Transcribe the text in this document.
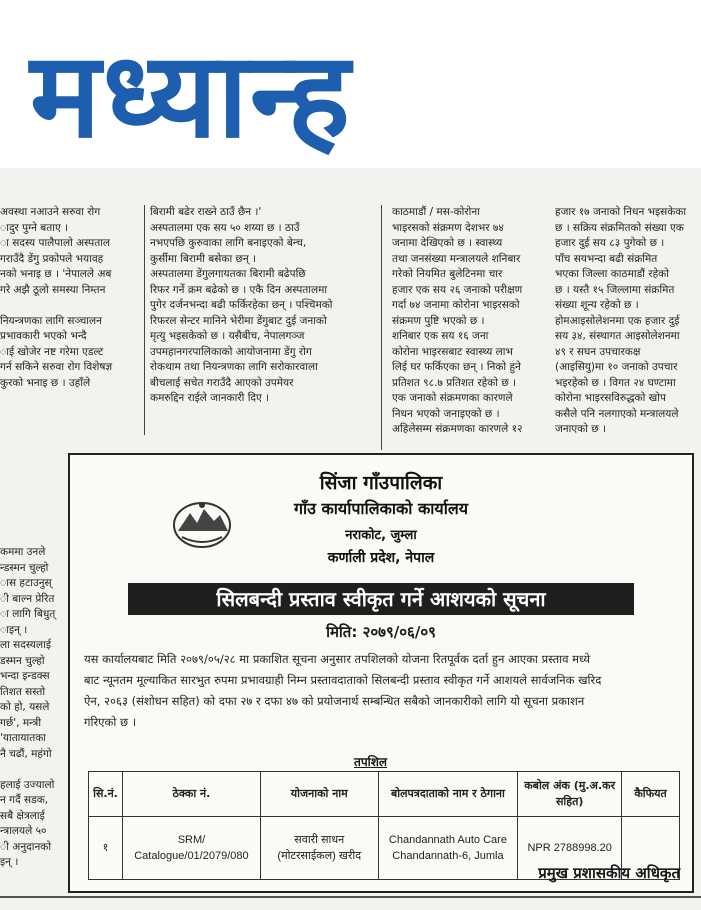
मध्यान्ह

अवस्था नआउने सरुवा रोग

ादुर पुग्ने बताए ।

ा सदस्य पालैपालो अस्पताल

गराउँदै डेंगु प्रकोपले भयावह

नको भनाइ छ । 'नेपालले अब

गरे अझै ठूलो समस्या निम्तन

नियन्त्रणका लागि सञ्चालन

प्रभावकारी भएको भन्दै

ाई खोजेर नष्ट गरेमा एडल्ट

गर्न सकिने सरुवा रोग विशेषज्ञ

कुरको भनाइ छ । उहाँले

बिरामी बढेर राख्ने ठाउँ छैन ।'

अस्पतालमा एक सय ५० शय्या छ । ठाउँ

नभएपछि कुरुवाका लागि बनाइएको बेन्च,

कुर्सीमा बिरामी बसेका छन् ।

अस्पतालमा डेंगुलगायतका बिरामी बढेपछि

रिफर गर्ने क्रम बढेको छ । एकै दिन अस्पतालमा

पुगेर दर्जनभन्दा बढी फर्किरहेका छन् । पश्चिमको

रिफरल सेन्टर मानिने भेरीमा डेंगुबाट दुई जनाको

मृत्यु भइसकेको छ । यसैबीच, नेपालगञ्ज

उपमहानगरपालिकाको आयोजनामा डेंगु रोग

रोकथाम तथा नियन्त्रणका लागि सरोकारवाला

बीचलाई सचेत गराउँदै आएको उपमेयर

कमरुद्दिन राईले जानकारी दिए ।

काठमाडौं / मस-कोरोना

भाइरसको संक्रमण देशभर ७४

जनामा देखिएको छ । स्वास्थ्य

तथा जनसंख्या मन्त्रालयले शनिबार

गरेको नियमित बुलेटिनमा चार

हजार एक सय २६ जनाको परीक्षण

गर्दा ७४ जनामा कोरोना भाइरसको

संक्रमण पुष्टि भएको छ ।

शनिबार एक सय १६ जना

कोरोना भाइरसबाट स्वास्थ्य लाभ

लिई घर फर्किएका छन् । निको हुने

प्रतिशत ९८.७ प्रतिशत रहेको छ ।

एक जनाको संक्रमणका कारणले

निधन भएको जनाइएको छ ।

अहिलेसम्म संक्रमणका कारणले १२

हजार १७ जनाको निधन भइसकेका

छ । सक्रिय संक्रमितको संख्या एक

हजार दुई सय ८३ पुगेको छ ।

पाँच सयभन्दा बढी संक्रमित

भएका जिल्ला काठमाडौं रहेको

छ । यस्तै १५ जिल्लामा संक्रमित

संख्या शून्य रहेको छ ।

होमआइसोलेशनमा एक हजार दुई

सय ३४, संस्थागत आइसोलेशनमा

४९ र सघन उपचारकक्ष

(आइसियु)मा १० जनाको उपचार

भइरहेको छ । विगत २४ घण्टामा

कोरोना भाइरसविरुद्धको खोप

कसैले पनि नलगाएको मन्त्रालयले

जनाएको छ ।

कममा उनले

न्डस्मन चुल्हो

ास हटाउनुस्

ी बाल्न प्रेरित

ा लागि बिधुत्

ाइन् ।

ला सदस्यलाई

डस्मन चुल्हो

भन्दा इन्डक्स

तिशत सस्तो

को हो, यसले

गर्छ', मन्त्री

'यातायातका

नै चढौं, महंगो

हलाई उज्यालो

न गर्दै सडक,

सबै क्षेत्रलाई

न्त्रालयले ५०

ी अनुदानको

इन् ।

सिंजा गाँउपालिका
गाँउ कार्यापालिकाको कार्यालय
नराकोट, जुम्ला
कर्णाली प्रदेश, नेपाल
सिलबन्दी प्रस्ताव स्वीकृत गर्ने आशयको सूचना
मिति: २०७९/०६/०९

यस कार्यालयबाट मिति २०७९/०५/२८ मा प्रकाशित सूचना अनुसार तपशिलको योजना रितपूर्वक दर्ता हुन आएका प्रस्ताव मध्ये

बाट न्यूनतम मूल्याकित सारभुत रुपमा प्रभावग्राही निम्न प्रस्तावदाताको सिलबन्दी प्रस्ताव स्वीकृत गर्ने आशयले सार्वजनिक खरिद

ऐन, २०६३ (संशोधन सहित) को दफा २७ र दफा ४७ को प्रयोजनार्थ सम्बन्धित सबैको जानकारीको लागि यो सूचना प्रकाशन

गरिएको छ ।

तपशिल
सि.नं.	ठेक्का नं.	योजनाको नाम	बोलपत्रदाताको नाम र ठेगाना	कबोल अंक (मु.अ.कर सहित)	कैफियत
१	SRM/ Catalogue/01/2079/080	सवारी साधन (मोटरसाईकल) खरीद	Chandannath Auto Care Chandannath-6, Jumla	NPR 2788998.20	
प्रमुख प्रशासकीय अधिकृत
